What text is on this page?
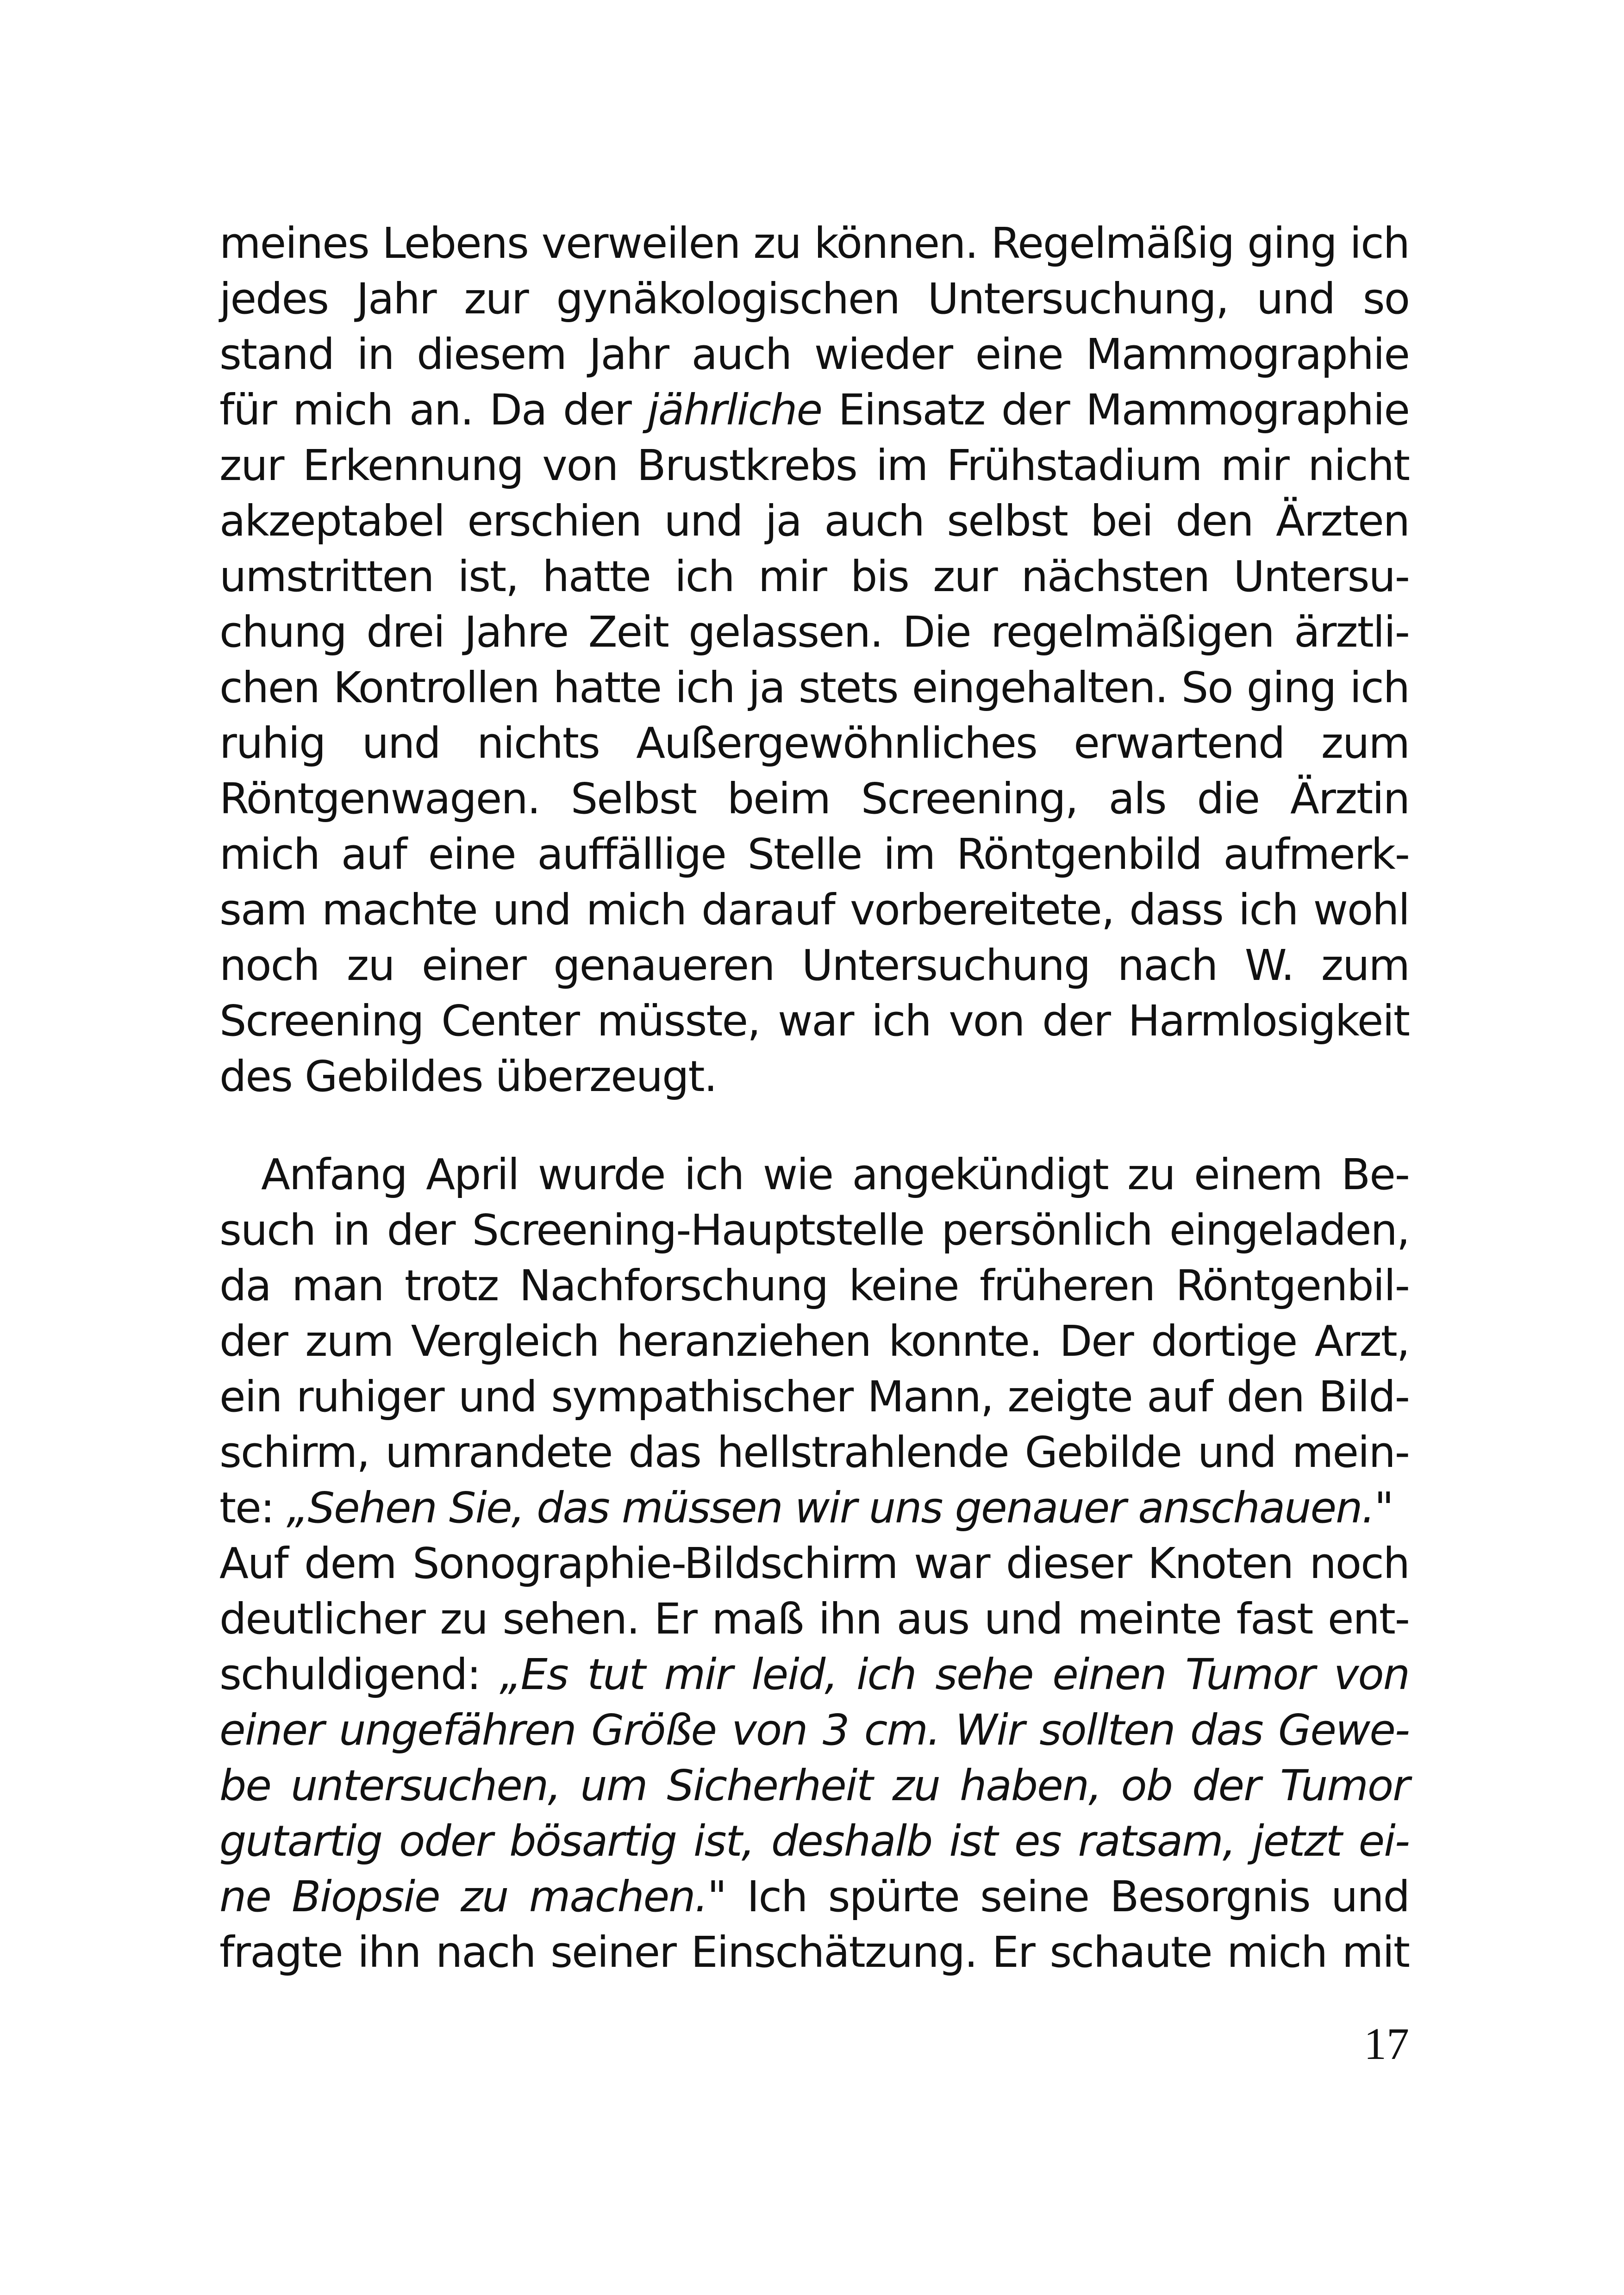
meines Lebens verweilen zu können. Regelmäßig ging ich
jedes Jahr zur gynäkologischen Untersuchung, und so
stand in diesem Jahr auch wieder eine Mammographie
für mich an. Da der jährliche Einsatz der Mammographie
zur Erkennung von Brustkrebs im Frühstadium mir nicht
akzeptabel erschien und ja auch selbst bei den Ärzten
umstritten ist, hatte ich mir bis zur nächsten Untersu-
chung drei Jahre Zeit gelassen. Die regelmäßigen ärztli-
chen Kontrollen hatte ich ja stets eingehalten. So ging ich
ruhig und nichts Außergewöhnliches erwartend zum
Röntgenwagen. Selbst beim Screening, als die Ärztin
mich auf eine auffällige Stelle im Röntgenbild aufmerk-
sam machte und mich darauf vorbereitete, dass ich wohl
noch zu einer genaueren Untersuchung nach W. zum
Screening Center müsste, war ich von der Harmlosigkeit
des Gebildes überzeugt.
Anfang April wurde ich wie angekündigt zu einem Be-
such in der Screening-Hauptstelle persönlich eingeladen,
da man trotz Nachforschung keine früheren Röntgenbil-
der zum Vergleich heranziehen konnte. Der dortige Arzt,
ein ruhiger und sympathischer Mann, zeigte auf den Bild-
schirm, umrandete das hellstrahlende Gebilde und mein-
te: „Sehen Sie, das müssen wir uns genauer anschauen."
Auf dem Sonographie-Bildschirm war dieser Knoten noch
deutlicher zu sehen. Er maß ihn aus und meinte fast ent-
schuldigend: „Es tut mir leid, ich sehe einen Tumor von
einer ungefähren Größe von 3 cm. Wir sollten das Gewe-
be untersuchen, um Sicherheit zu haben, ob der Tumor
gutartig oder bösartig ist, deshalb ist es ratsam, jetzt ei-
ne Biopsie zu machen." Ich spürte seine Besorgnis und
fragte ihn nach seiner Einschätzung. Er schaute mich mit
17
